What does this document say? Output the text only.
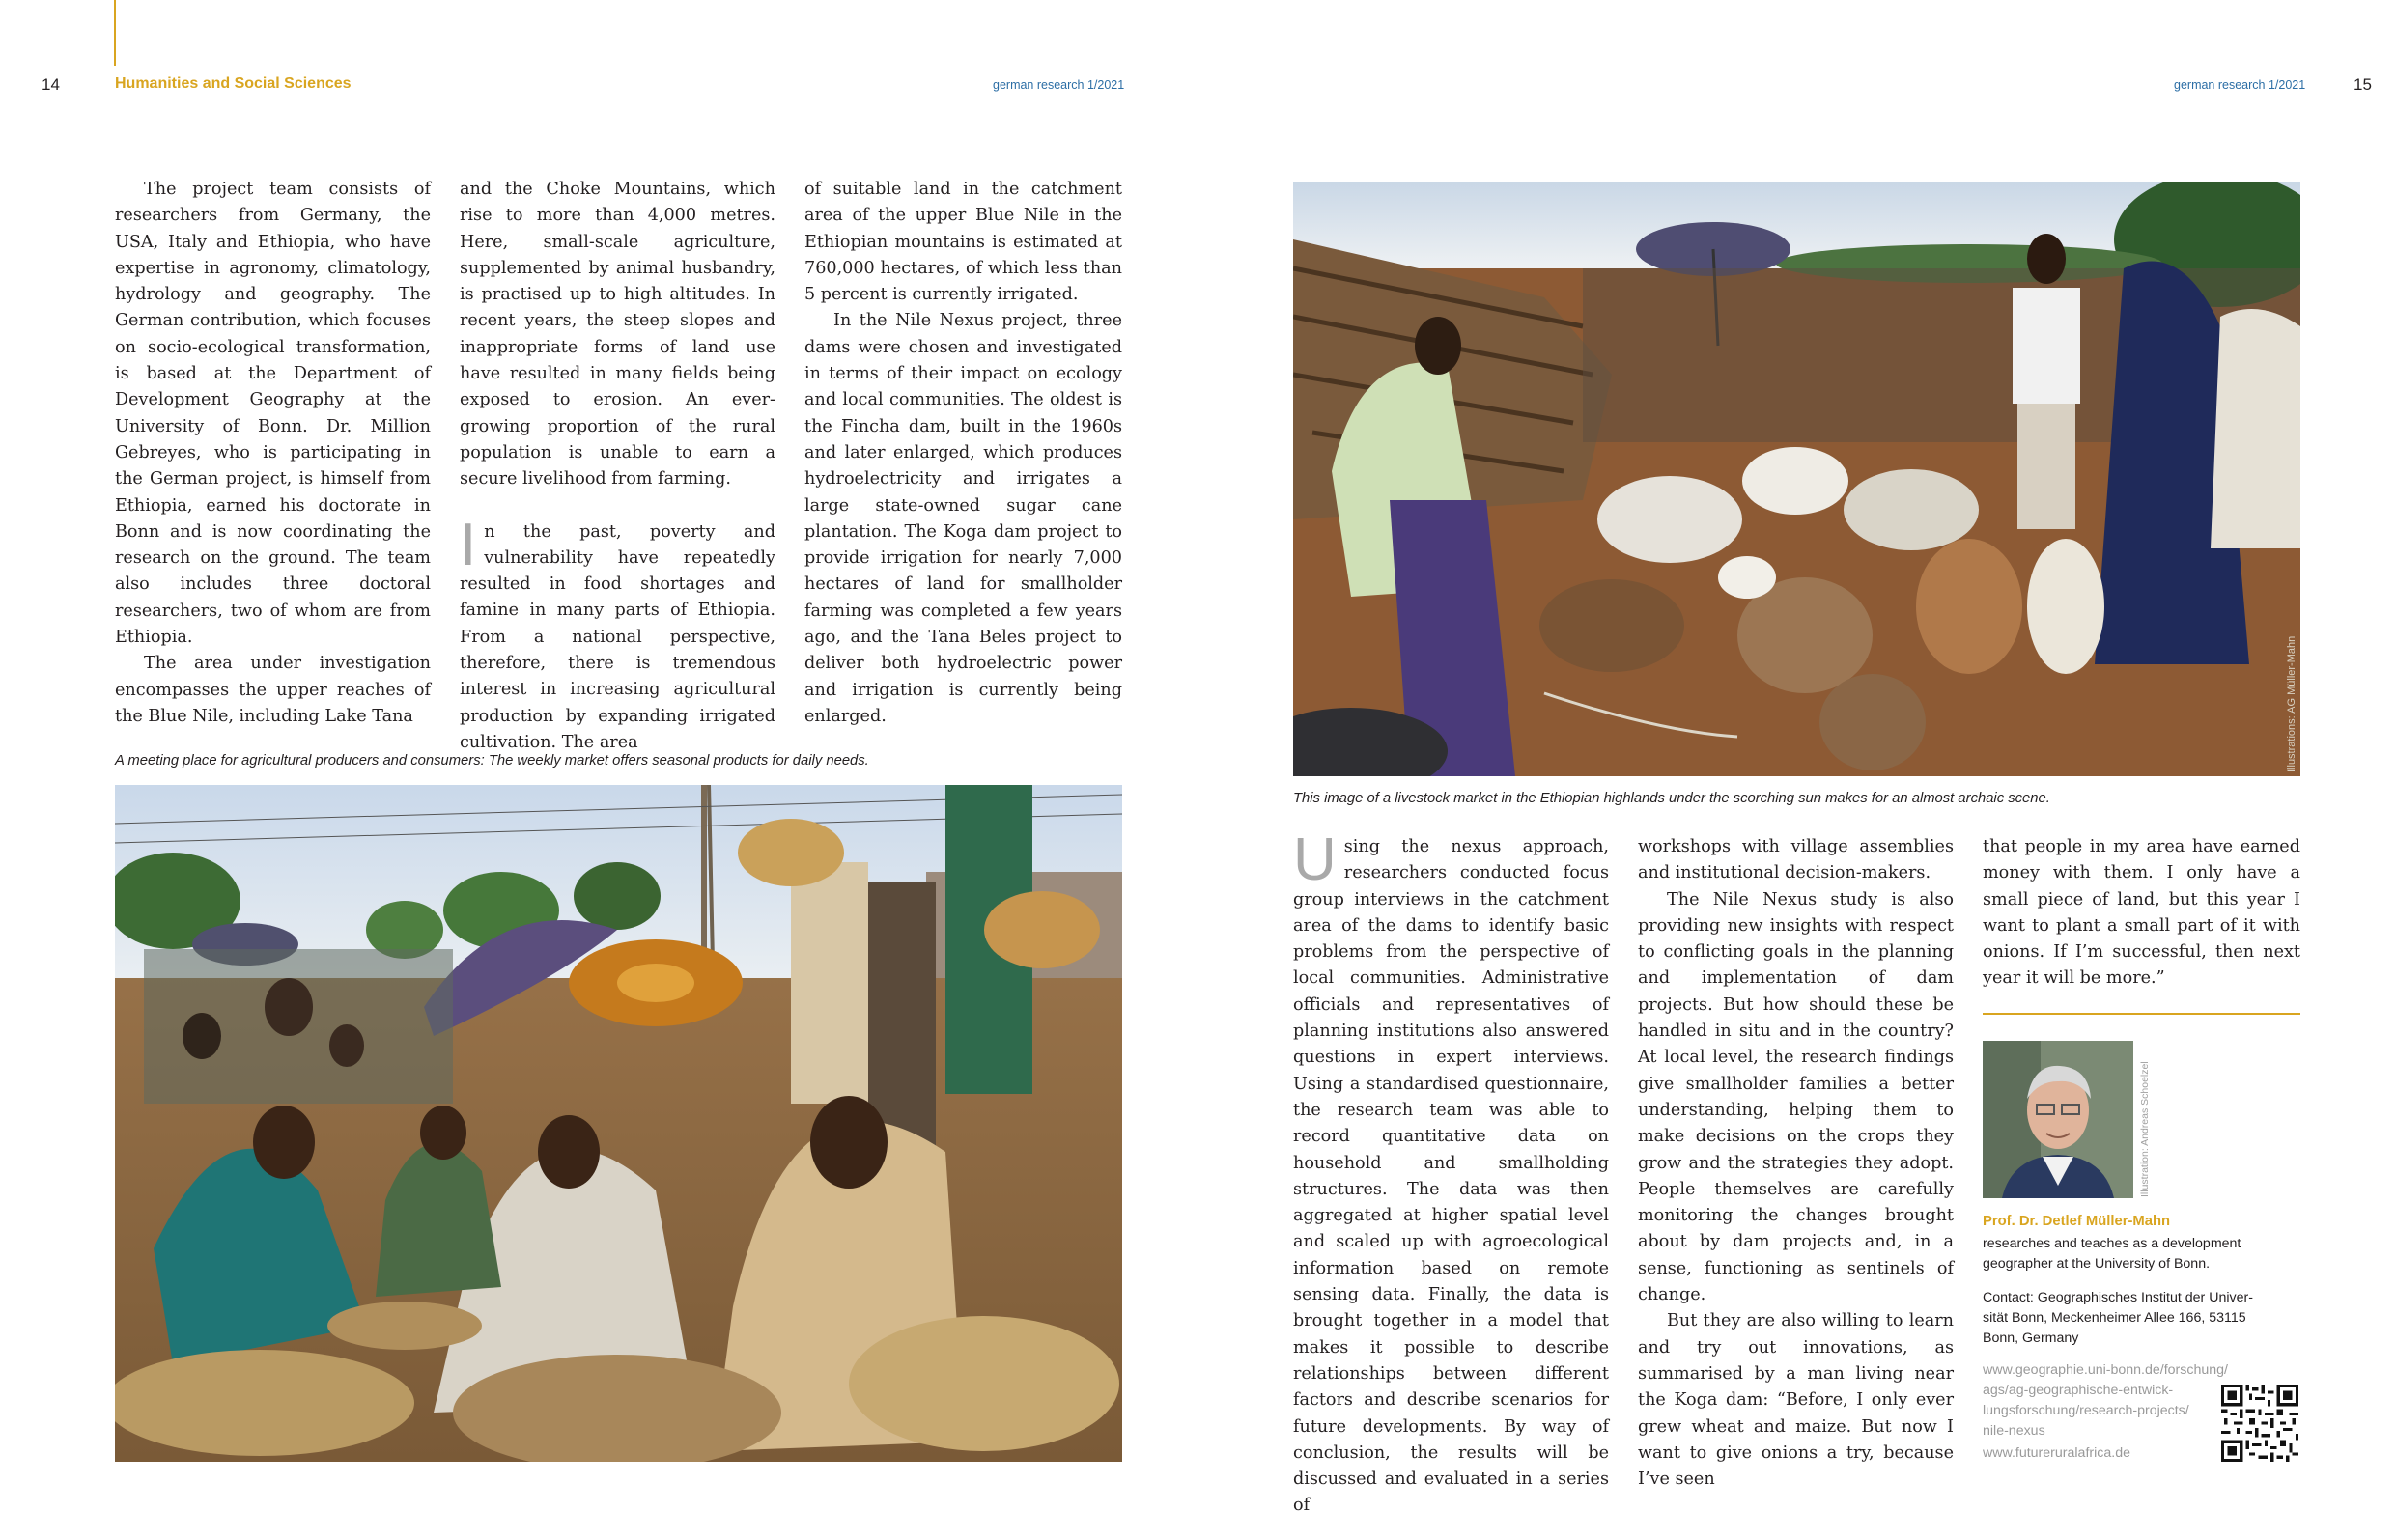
14	Humanities and Social Sciences	german research 1/2021	german research 1/2021	15

The project team consists of researchers from Germany, the USA, Italy and Ethiopia, who have expertise in agronomy, climatology, hydrology and geography. The German contribution, which focuses on socio-ecological transformation, is based at the Department of Development Geography at the University of Bonn. Dr. Million Gebreyes, who is participating in the German project, is himself from Ethiopia, earned his doctorate in Bonn and is now coordinating the research on the ground. The team also includes three doctoral researchers, two of whom are from Ethiopia.

The area under investigation encompasses the upper reaches of the Blue Nile, including Lake Tana

and the Choke Mountains, which rise to more than 4,000 metres. Here, small-scale agriculture, supplemented by animal husbandry, is practised up to high altitudes. In recent years, the steep slopes and inappropriate forms of land use have resulted in many fields being exposed to erosion. An ever-growing proportion of the rural population is unable to earn a secure livelihood from farming.

In the past, poverty and vulnerability have repeatedly resulted in food shortages and famine in many parts of Ethiopia. From a national perspective, therefore, there is tremendous interest in increasing agricultural production by expanding irrigated cultivation. The area

of suitable land in the catchment area of the upper Blue Nile in the Ethiopian mountains is estimated at 760,000 hectares, of which less than 5 percent is currently irrigated.

In the Nile Nexus project, three dams were chosen and investigated in terms of their impact on ecology and local communities. The oldest is the Fincha dam, built in the 1960s and later enlarged, which produces hydroelectricity and irrigates a large state-owned sugar cane plantation. The Koga dam project to provide irrigation for nearly 7,000 hectares of land for smallholder farming was completed a few years ago, and the Tana Beles project to deliver both hydroelectric power and irrigation is currently being enlarged.

A meeting place for agricultural producers and consumers: The weekly market offers seasonal products for daily needs.	Illustrations: AG Müller-Mahn
This image of a livestock market in the Ethiopian highlands under the scorching sun makes for an almost archaic scene.

Using the nexus approach, researchers conducted focus group interviews in the catchment area of the dams to identify basic problems from the perspective of local communities. Administrative officials and representatives of planning institutions also answered questions in expert interviews. Using a standardised questionnaire, the research team was able to record quantitative data on household and smallholding structures. The data was then aggregated at higher spatial level and scaled up with agroecological information based on remote sensing data. Finally, the data is brought together in a model that makes it possible to describe relationships between different factors and describe scenarios for future developments. By way of conclusion, the results will be discussed and evaluated in a series of

workshops with village assemblies and institutional decision-makers.

The Nile Nexus study is also providing new insights with respect to conflicting goals in the planning and implementation of dam projects. But how should these be handled in situ and in the country? At local level, the research findings give smallholder families a better understanding, helping them to make decisions on the crops they grow and the strategies they adopt. People themselves are carefully monitoring the changes brought about by dam projects and, in a sense, functioning as sentinels of change.

But they are also willing to learn and try out innovations, as summarised by a man living near the Koga dam: “Before, I only ever grew wheat and maize. But now I want to give onions a try, because I’ve seen

that people in my area have earned money with them. I only have a small piece of land, but this year I want to plant a small part of it with onions. If I’m successful, then next year it will be more.”

Illustration: Andreas Schoelzel
Prof. Dr. Detlef Müller-Mahn
researches and teaches as a development
geographer at the University of Bonn.
Contact: Geographisches Institut der Univer-
sität Bonn, Meckenheimer Allee 166, 53115
Bonn, Germany
www.geographie.uni-bonn.de/forschung/
ags/ag-geographische-entwick-
lungsforschung/research-projects/
nile-nexus
www.futureruralafrica.de
